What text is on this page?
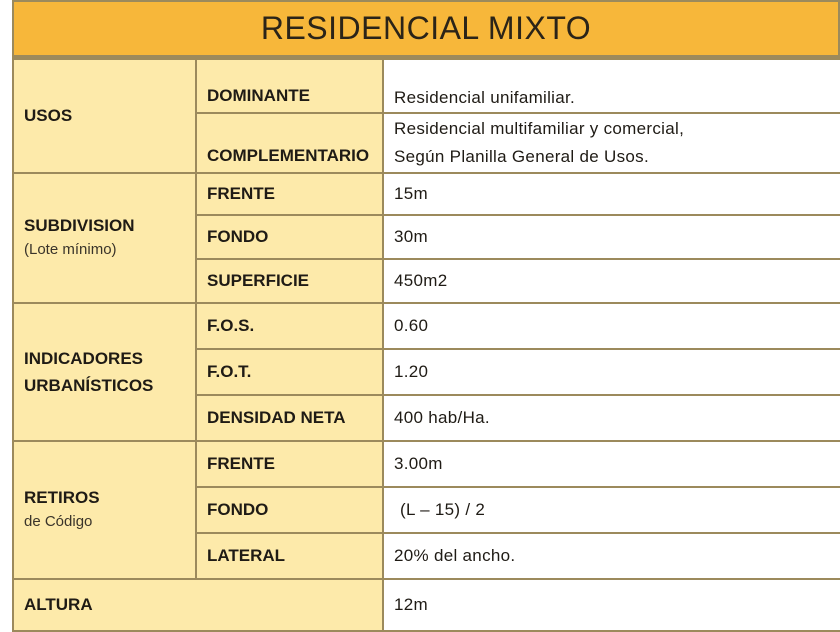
RESIDENCIAL MIXTO
USOS	DOMINANTE	Residencial unifamiliar.
	COMPLEMENTARIO	Residencial multifamiliar y comercial,
Según Planilla General de Usos.

SUBDIVISION
(Lote mínimo)	FRENTE	15m
	FONDO	30m
	SUPERFICIE	450m2

INDICADORES
URBANÍSTICOS	F.O.S.	0.60
	F.O.T.	1.20
	DENSIDAD NETA	400 hab/Ha.
RETIROS
de Código	FRENTE	3.00m
	FONDO	(L – 15) / 2
	LATERAL	20% del ancho.
ALTURA		12m
